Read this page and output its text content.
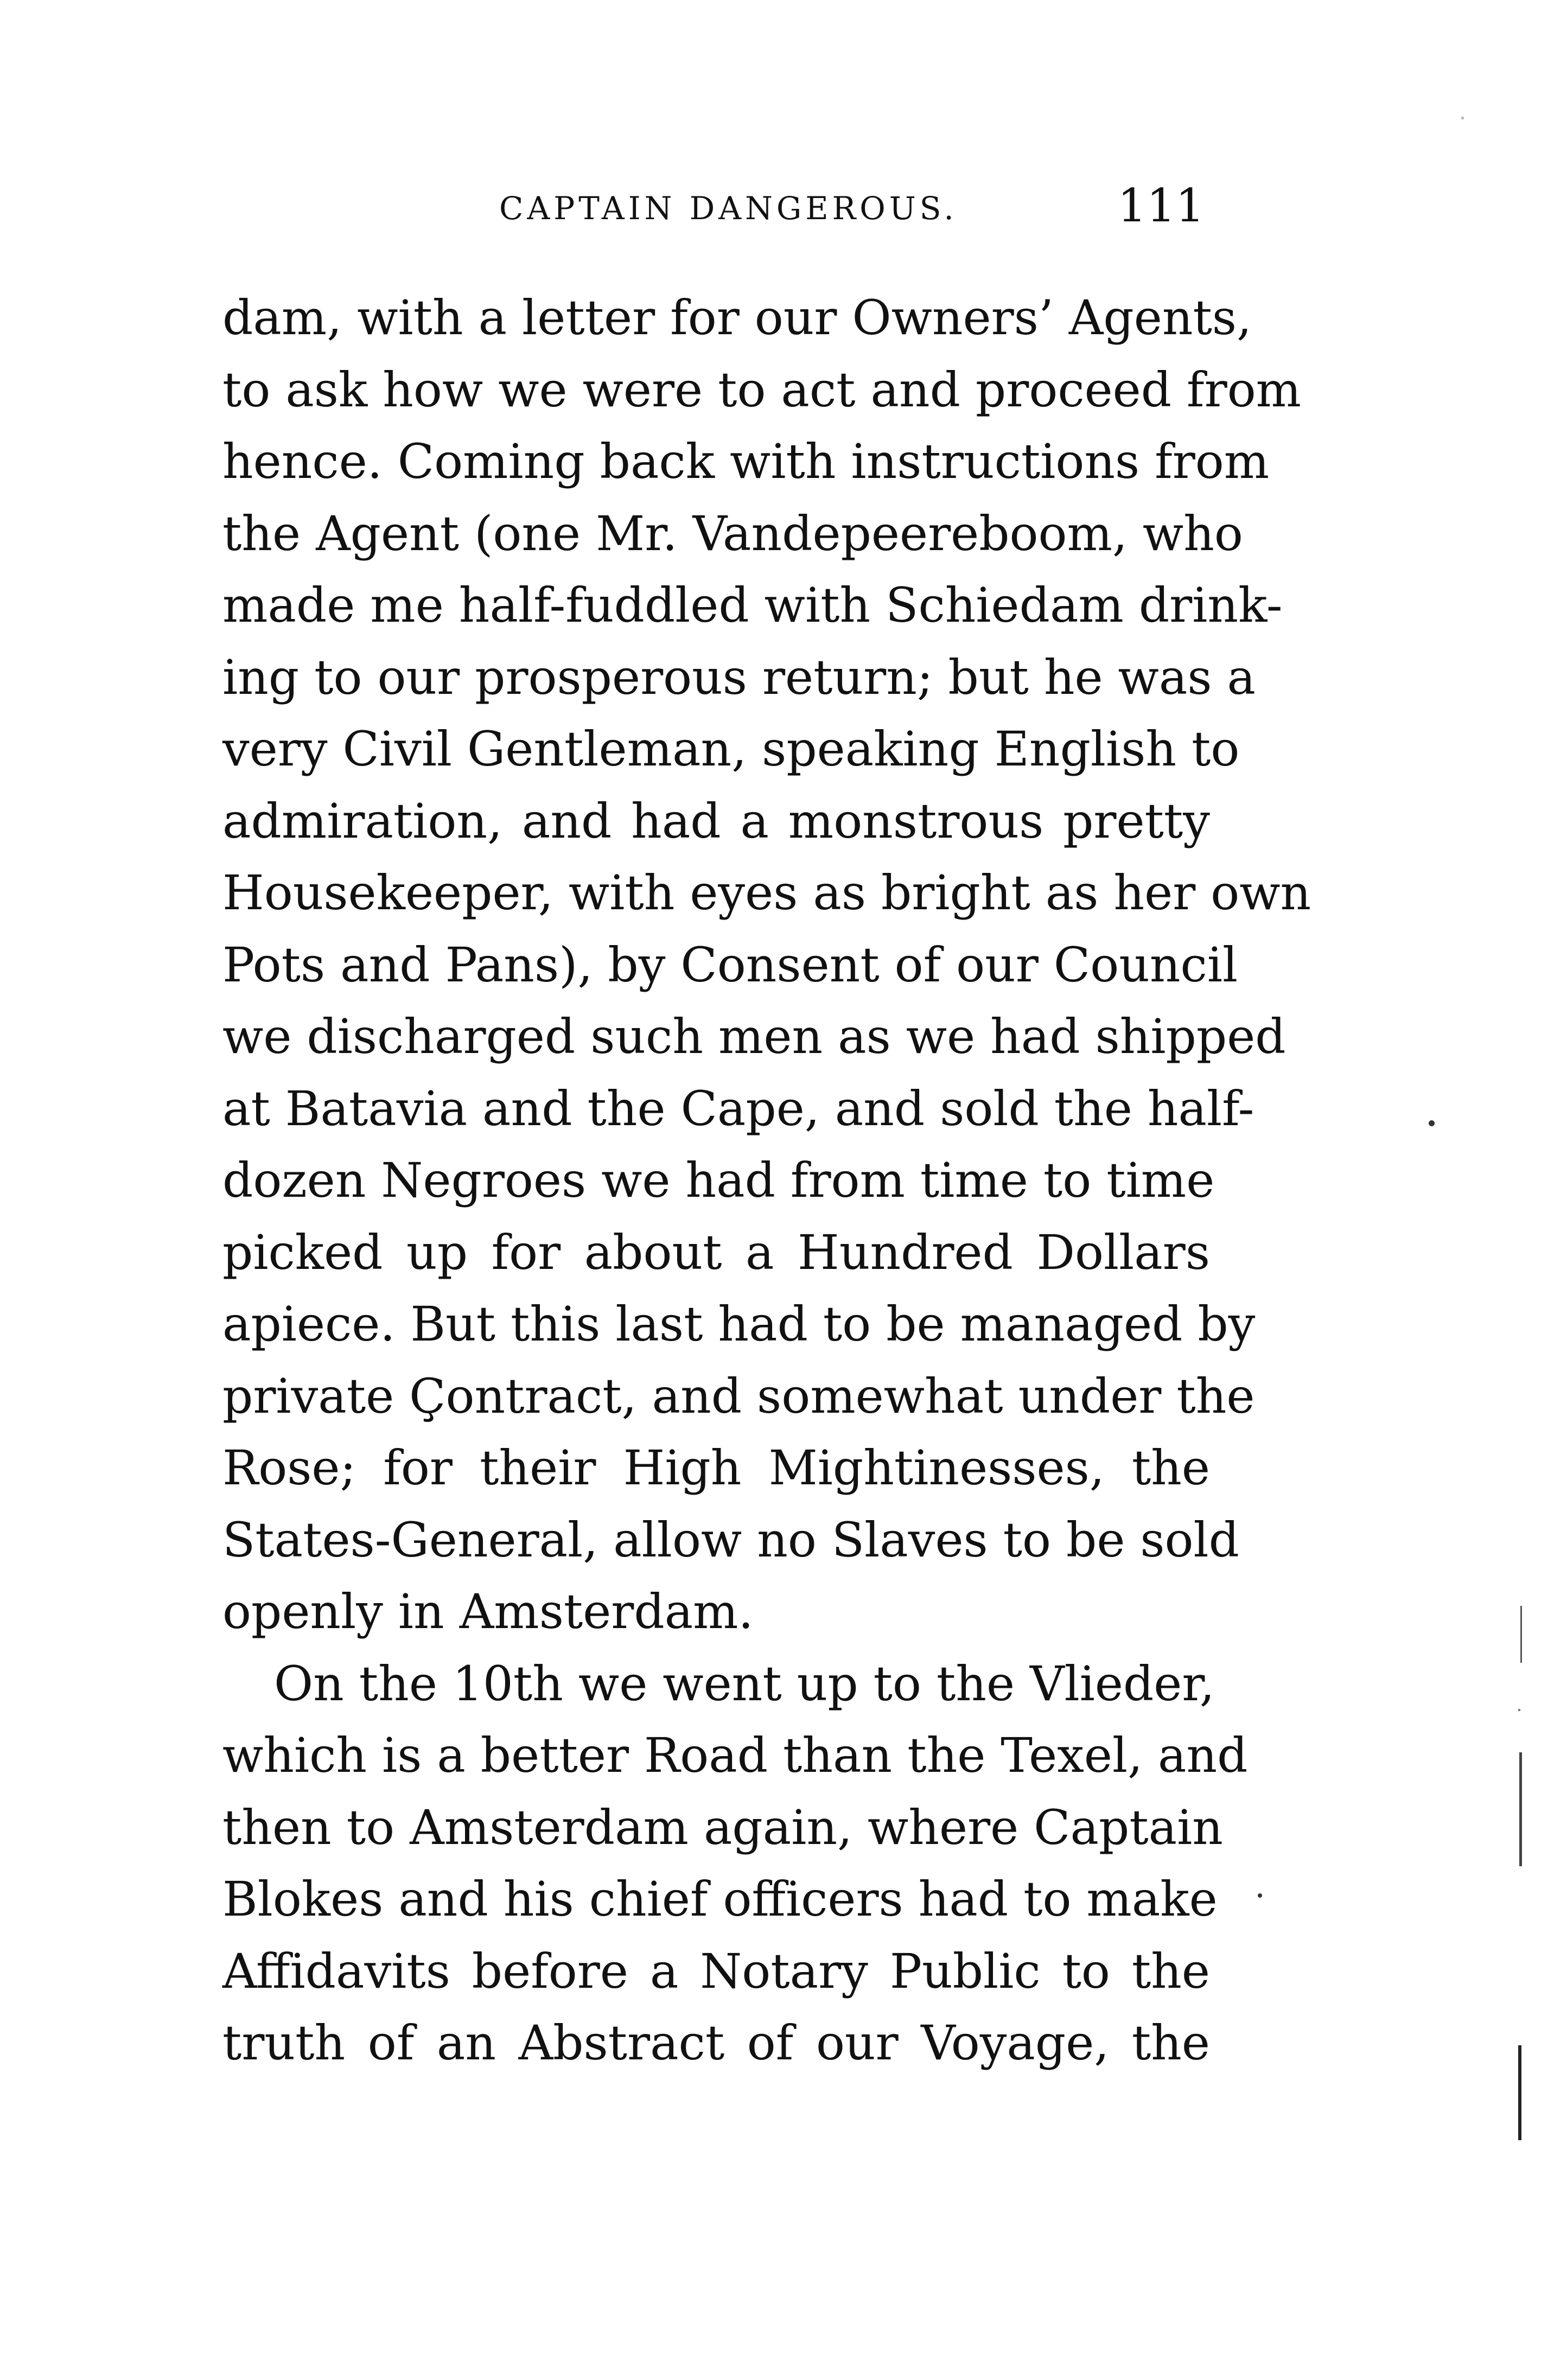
CAPTAIN DANGEROUS.	111
dam, with a letter for our Owners’ Agents,
to ask how we were to act and proceed from
hence. Coming back with instructions from
the Agent (one Mr. Vandepeereboom, who
made me half-fuddled with Schiedam drink-
ing to our prosperous return; but he was a
very Civil Gentleman, speaking English to
admiration, and had a monstrous pretty
Housekeeper, with eyes as bright as her own
Pots and Pans), by Consent of our Council
we discharged such men as we had shipped
at Batavia and the Cape, and sold the half-
dozen Negroes we had from time to time
picked up for about a Hundred Dollars
apiece. But this last had to be managed by
private Çontract, and somewhat under the
Rose; for their High Mightinesses, the
States-General, allow no Slaves to be sold
openly in Amsterdam.
On the 10th we went up to the Vlieder,
which is a better Road than the Texel, and
then to Amsterdam again, where Captain
Blokes and his chief officers had to make
Affidavits before a Notary Public to the
truth of an Abstract of our Voyage, the
